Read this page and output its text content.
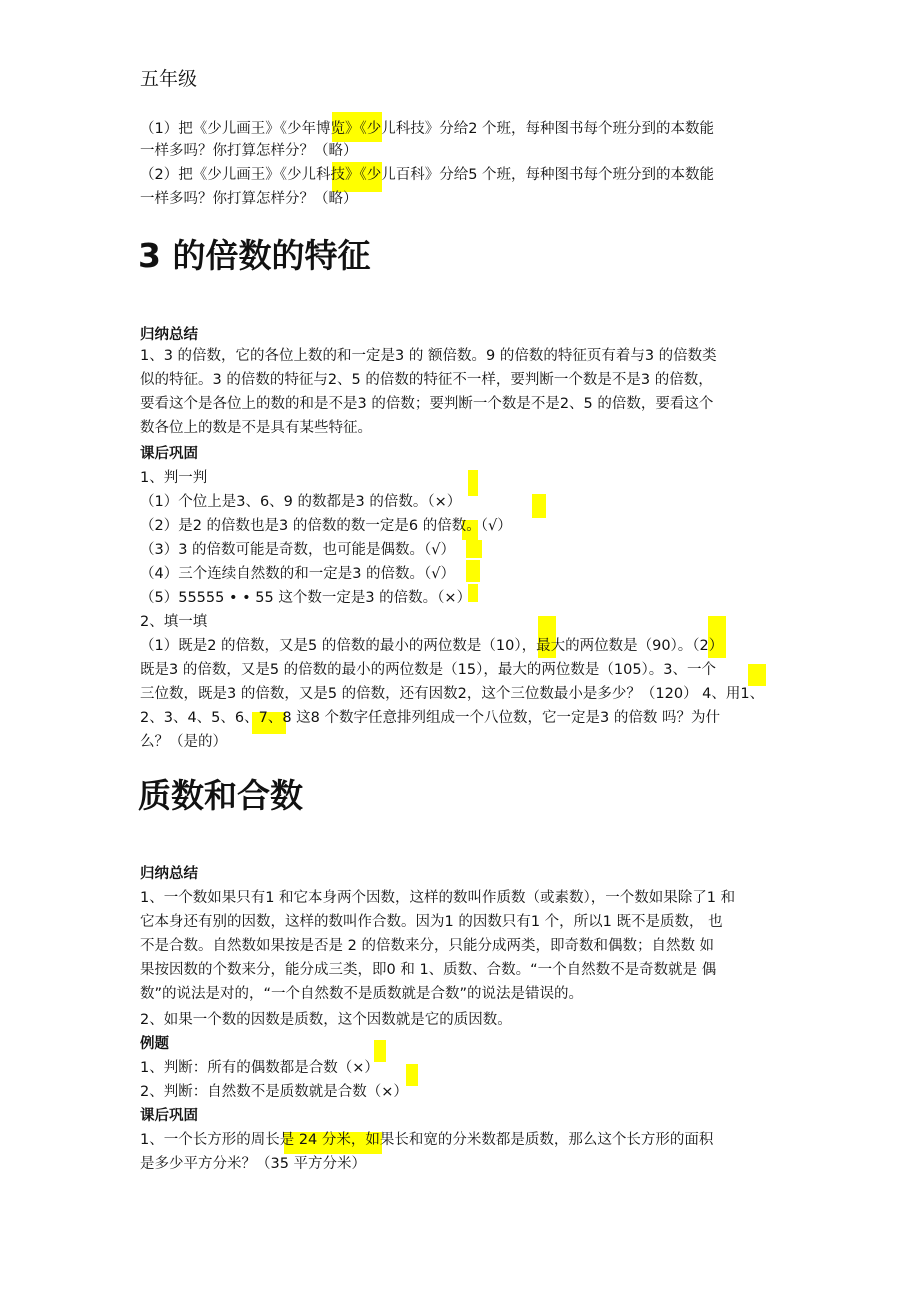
五年级
（1）把《少儿画王》《少年博览》《少儿科技》分给2 个班，每种图书每个班分到的本数能
一样多吗？你打算怎样分？（略）
（2）把《少儿画王》《少儿科技》《少儿百科》分给5 个班，每种图书每个班分到的本数能
一样多吗？你打算怎样分？（略）
3 的倍数的特征
归纳总结
1、3 的倍数，它的各位上数的和一定是3 的 额倍数。9 的倍数的特征页有着与3 的倍数类
似的特征。3 的倍数的特征与2、5 的倍数的特征不一样，要判断一个数是不是3 的倍数，
要看这个是各位上的数的和是不是3 的倍数；要判断一个数是不是2、5 的倍数，要看这个
数各位上的数是不是具有某些特征。
课后巩固
1、判一判
（1）个位上是3、6、9 的数都是3 的倍数。（×）
（2）是2 的倍数也是3 的倍数的数一定是6 的倍数。（√）
（3）3 的倍数可能是奇数，也可能是偶数。（√）
（4）三个连续自然数的和一定是3 的倍数。（√）
（5）55555 • • 55 这个数一定是3 的倍数。（×）
2、填一填
（1）既是2 的倍数，又是5 的倍数的最小的两位数是（10），最大的两位数是（90）。（2）
既是3 的倍数，又是5 的倍数的最小的两位数是（15），最大的两位数是（105）。3、一个
三位数，既是3 的倍数，又是5 的倍数，还有因数2，这个三位数最小是多少？（120） 4、用1、
2、3、4、5、6、7、8 这8 个数字任意排列组成一个八位数，它一定是3 的倍数 吗？为什
么？（是的）
质数和合数
归纳总结
1、一个数如果只有1 和它本身两个因数，这样的数叫作质数（或素数），一个数如果除了1 和
它本身还有别的因数，这样的数叫作合数。因为1 的因数只有1 个，所以1 既不是质数， 也
不是合数。自然数如果按是否是 2 的倍数来分，只能分成两类，即奇数和偶数；自然数 如
果按因数的个数来分，能分成三类，即0 和 1、质数、合数。“一个自然数不是奇数就是 偶
数”的说法是对的，“一个自然数不是质数就是合数”的说法是错误的。
2、如果一个数的因数是质数，这个因数就是它的质因数。
例题
1、判断：所有的偶数都是合数（×）
2、判断：自然数不是质数就是合数（×）
课后巩固
1、一个长方形的周长是 24 分米，如果长和宽的分米数都是质数，那么这个长方形的面积
是多少平方分米？（35 平方分米）
